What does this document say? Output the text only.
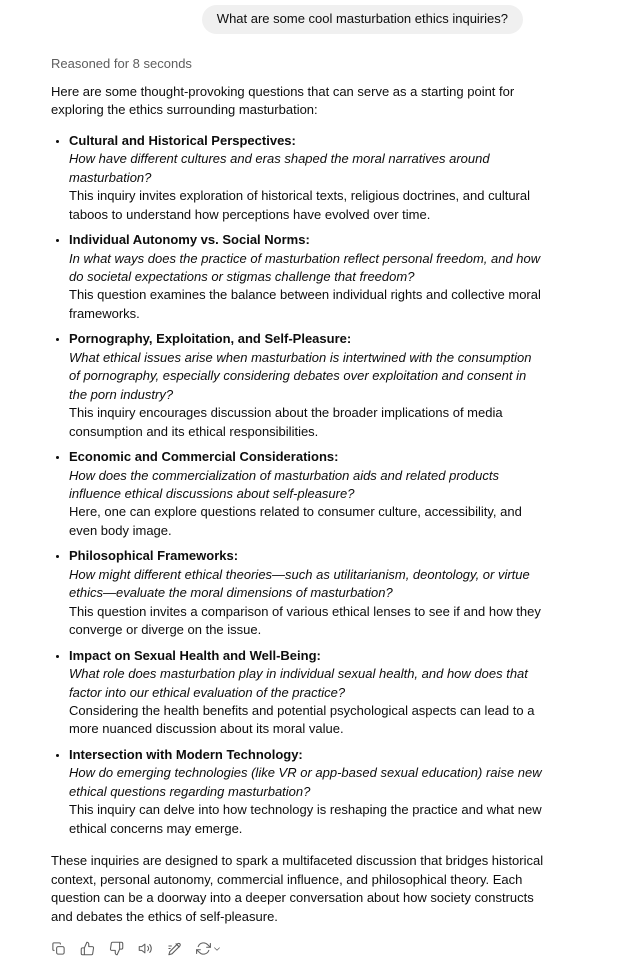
What are some cool masturbation ethics inquiries?
Reasoned for 8 seconds

Here are some thought-provoking questions that can serve as a starting point for exploring the ethics surrounding masturbation:

• Cultural and Historical Perspectives:
How have different cultures and eras shaped the moral narratives around masturbation?
This inquiry invites exploration of historical texts, religious doctrines, and cultural taboos to understand how perceptions have evolved over time.
• Individual Autonomy vs. Social Norms:
In what ways does the practice of masturbation reflect personal freedom, and how do societal expectations or stigmas challenge that freedom?
This question examines the balance between individual rights and collective moral frameworks.
• Pornography, Exploitation, and Self-Pleasure:
What ethical issues arise when masturbation is intertwined with the consumption of pornography, especially considering debates over exploitation and consent in the porn industry?
This inquiry encourages discussion about the broader implications of media consumption and its ethical responsibilities.
• Economic and Commercial Considerations:
How does the commercialization of masturbation aids and related products influence ethical discussions about self-pleasure?
Here, one can explore questions related to consumer culture, accessibility, and even body image.
• Philosophical Frameworks:
How might different ethical theories—such as utilitarianism, deontology, or virtue ethics—evaluate the moral dimensions of masturbation?
This question invites a comparison of various ethical lenses to see if and how they converge or diverge on the issue.
• Impact on Sexual Health and Well-Being:
What role does masturbation play in individual sexual health, and how does that factor into our ethical evaluation of the practice?
Considering the health benefits and potential psychological aspects can lead to a more nuanced discussion about its moral value.
• Intersection with Modern Technology:
How do emerging technologies (like VR or app-based sexual education) raise new ethical questions regarding masturbation?
This inquiry can delve into how technology is reshaping the practice and what new ethical concerns may emerge.

These inquiries are designed to spark a multifaceted discussion that bridges historical context, personal autonomy, commercial influence, and philosophical theory. Each question can be a doorway into a deeper conversation about how society constructs and debates the ethics of self-pleasure.
